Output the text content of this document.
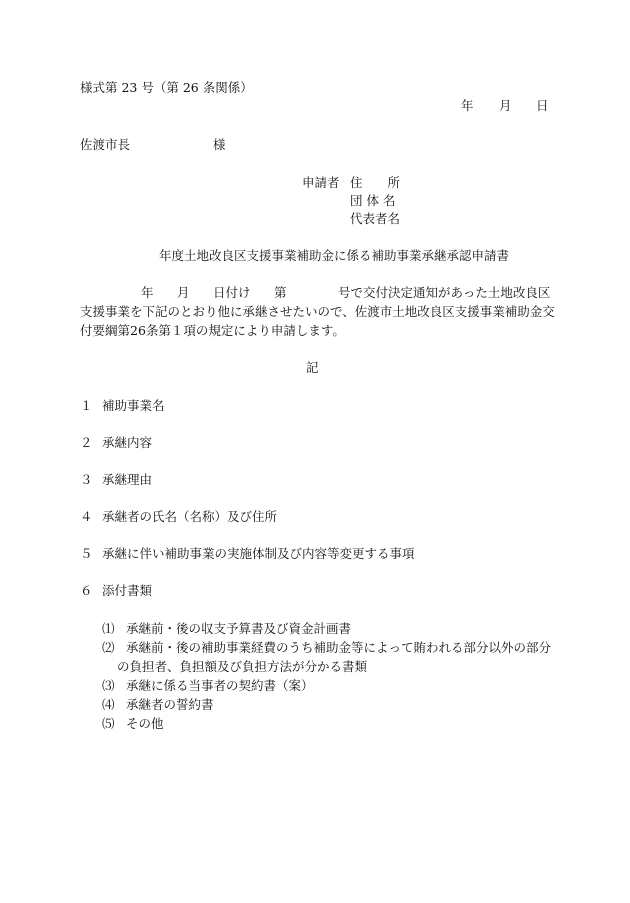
様式第 23 号（第 26 条関係）
年 月 日
佐渡市長	様
申請者 住　　所
団 体 名
代表者名
年度土地改良区支援事業補助金に係る補助事業承継承認申請書
年 月 日付け 第	号で交付決定通知があった土地改良区
支援事業を下記のとおり他に承継させたいので、佐渡市土地改良区支援事業補助金交
付要綱第26条第１項の規定により申請します。
記
１ 補助事業名
２ 承継内容
３ 承継理由
４ 承継者の氏名（名称）及び住所
５ 承継に伴い補助事業の実施体制及び内容等変更する事項
６ 添付書類
⑴ 承継前・後の収支予算書及び資金計画書
⑵ 承継前・後の補助事業経費のうち補助金等によって賄われる部分以外の部分
の負担者、負担額及び負担方法が分かる書類
⑶ 承継に係る当事者の契約書（案）
⑷ 承継者の誓約書
⑸ その他
